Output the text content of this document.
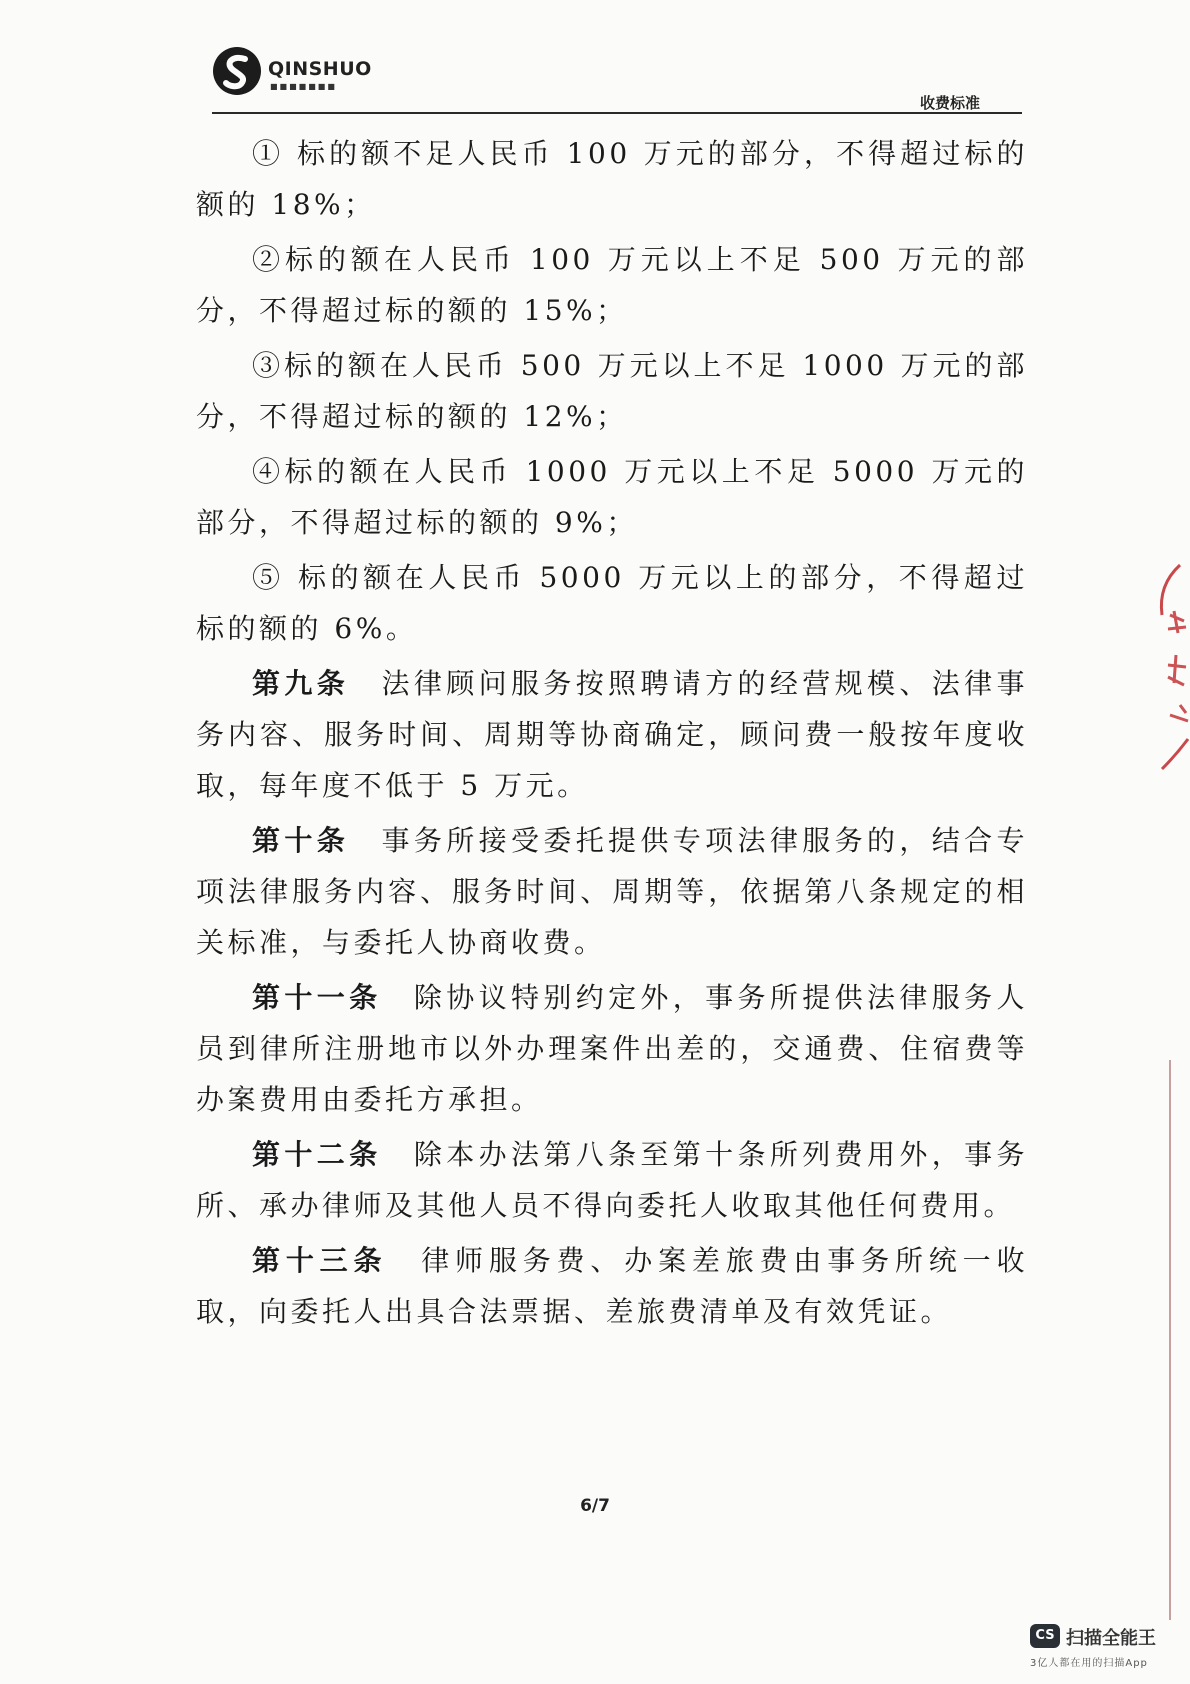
QINSHUO
■■■■■■■
收费标准

① 标的额不足人民币 100 万元的部分，不得超过标的额的 18%；

②标的额在人民币 100 万元以上不足 500 万元的部分，不得超过标的额的 15%；

③标的额在人民币 500 万元以上不足 1000 万元的部分，不得超过标的额的 12%；

④标的额在人民币 1000 万元以上不足 5000 万元的部分，不得超过标的额的 9%；

⑤ 标的额在人民币 5000 万元以上的部分，不得超过标的额的 6%。

第九条　 法律顾问服务按照聘请方的经营规模、法律事务内容、服务时间、周期等协商确定，顾问费一般按年度收取，每年度不低于 5 万元。

第十条　 事务所接受委托提供专项法律服务的，结合专项法律服务内容、服务时间、周期等，依据第八条规定的相关标准，与委托人协商收费。

第十一条　 除协议特别约定外，事务所提供法律服务人员到律所注册地市以外办理案件出差的，交通费、住宿费等办案费用由委托方承担。

第十二条　 除本办法第八条至第十条所列费用外，事务所、承办律师及其他人员不得向委托人收取其他任何费用。

第十三条　 律师服务费、办案差旅费由事务所统一收取，向委托人出具合法票据、差旅费清单及有效凭证。

6/7
CS 扫描全能王
3亿人都在用的扫描App
